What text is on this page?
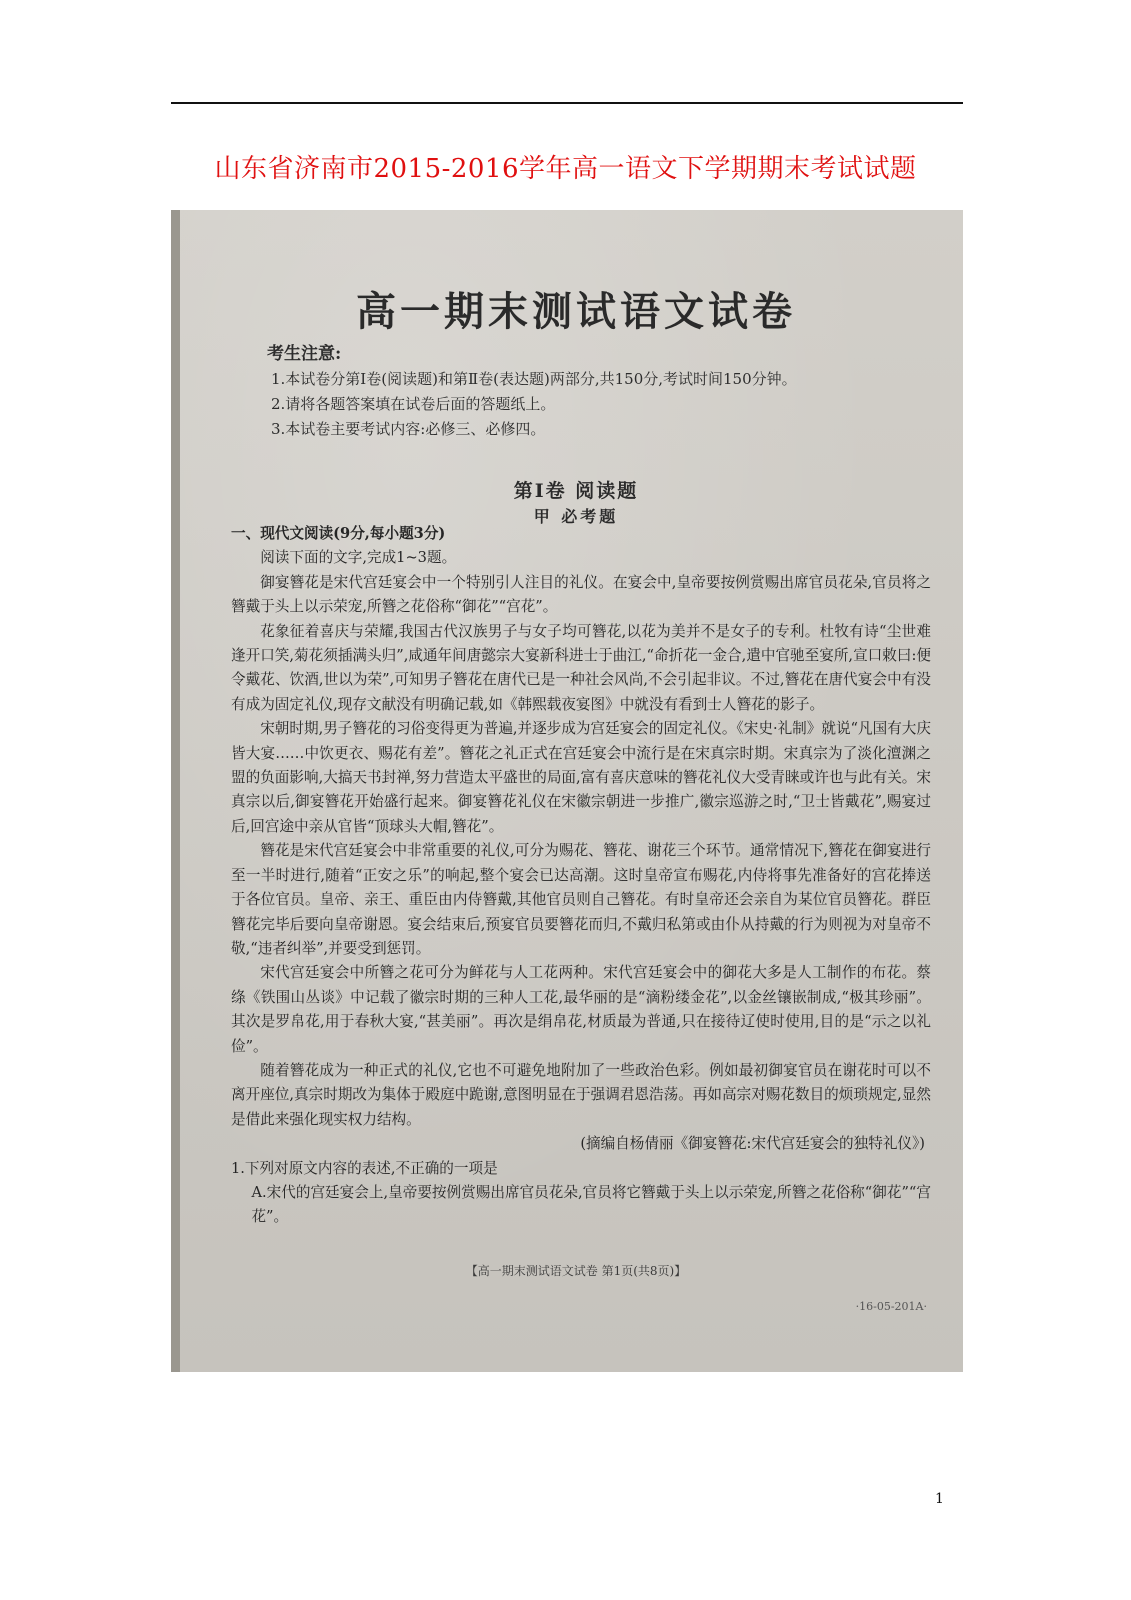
山东省济南市2015-2016学年高一语文下学期期末考试试题
高一期末测试语文试卷
考生注意:

1.本试卷分第Ⅰ卷(阅读题)和第Ⅱ卷(表达题)两部分,共150分,考试时间150分钟。

2.请将各题答案填在试卷后面的答题纸上。

3.本试卷主要考试内容:必修三、必修四。

第Ⅰ卷 阅读题
甲 必考题

一、现代文阅读(9分,每小题3分)

阅读下面的文字,完成1~3题。

御宴簪花是宋代宫廷宴会中一个特别引人注目的礼仪。在宴会中,皇帝要按例赏赐出席官员花朵,官员将之簪戴于头上以示荣宠,所簪之花俗称“御花”“宫花”。

花象征着喜庆与荣耀,我国古代汉族男子与女子均可簪花,以花为美并不是女子的专利。杜牧有诗“尘世难逢开口笑,菊花须插满头归”,咸通年间唐懿宗大宴新科进士于曲江,“命折花一金合,遣中官驰至宴所,宣口敕曰:便令戴花、饮酒,世以为荣”,可知男子簪花在唐代已是一种社会风尚,不会引起非议。不过,簪花在唐代宴会中有没有成为固定礼仪,现存文献没有明确记载,如《韩熙载夜宴图》中就没有看到士人簪花的影子。

宋朝时期,男子簪花的习俗变得更为普遍,并逐步成为宫廷宴会的固定礼仪。《宋史·礼制》就说“凡国有大庆皆大宴……中饮更衣、赐花有差”。簪花之礼正式在宫廷宴会中流行是在宋真宗时期。宋真宗为了淡化澶渊之盟的负面影响,大搞天书封禅,努力营造太平盛世的局面,富有喜庆意味的簪花礼仪大受青睐或许也与此有关。宋真宗以后,御宴簪花开始盛行起来。御宴簪花礼仪在宋徽宗朝进一步推广,徽宗巡游之时,“卫士皆戴花”,赐宴过后,回宫途中亲从官皆“顶球头大帽,簪花”。

簪花是宋代宫廷宴会中非常重要的礼仪,可分为赐花、簪花、谢花三个环节。通常情况下,簪花在御宴进行至一半时进行,随着“正安之乐”的响起,整个宴会已达高潮。这时皇帝宣布赐花,内侍将事先准备好的宫花捧送于各位官员。皇帝、亲王、重臣由内侍簪戴,其他官员则自己簪花。有时皇帝还会亲自为某位官员簪花。群臣簪花完毕后要向皇帝谢恩。宴会结束后,预宴官员要簪花而归,不戴归私第或由仆从持戴的行为则视为对皇帝不敬,“违者纠举”,并要受到惩罚。

宋代宫廷宴会中所簪之花可分为鲜花与人工花两种。宋代宫廷宴会中的御花大多是人工制作的布花。蔡绦《铁围山丛谈》中记载了徽宗时期的三种人工花,最华丽的是“滴粉缕金花”,以金丝镶嵌制成,“极其珍丽”。其次是罗帛花,用于春秋大宴,“甚美丽”。再次是绢帛花,材质最为普通,只在接待辽使时使用,目的是“示之以礼俭”。

随着簪花成为一种正式的礼仪,它也不可避免地附加了一些政治色彩。例如最初御宴官员在谢花时可以不离开座位,真宗时期改为集体于殿庭中跪谢,意图明显在于强调君恩浩荡。再如高宗对赐花数目的烦琐规定,显然是借此来强化现实权力结构。

(摘编自杨倩丽《御宴簪花:宋代宫廷宴会的独特礼仪》)

1.下列对原文内容的表述,不正确的一项是

A.宋代的宫廷宴会上,皇帝要按例赏赐出席官员花朵,官员将它簪戴于头上以示荣宠,所簪之花俗称“御花”“宫花”。

【高一期末测试语文试卷 第1页(共8页)】
·16-05-201A·
1
